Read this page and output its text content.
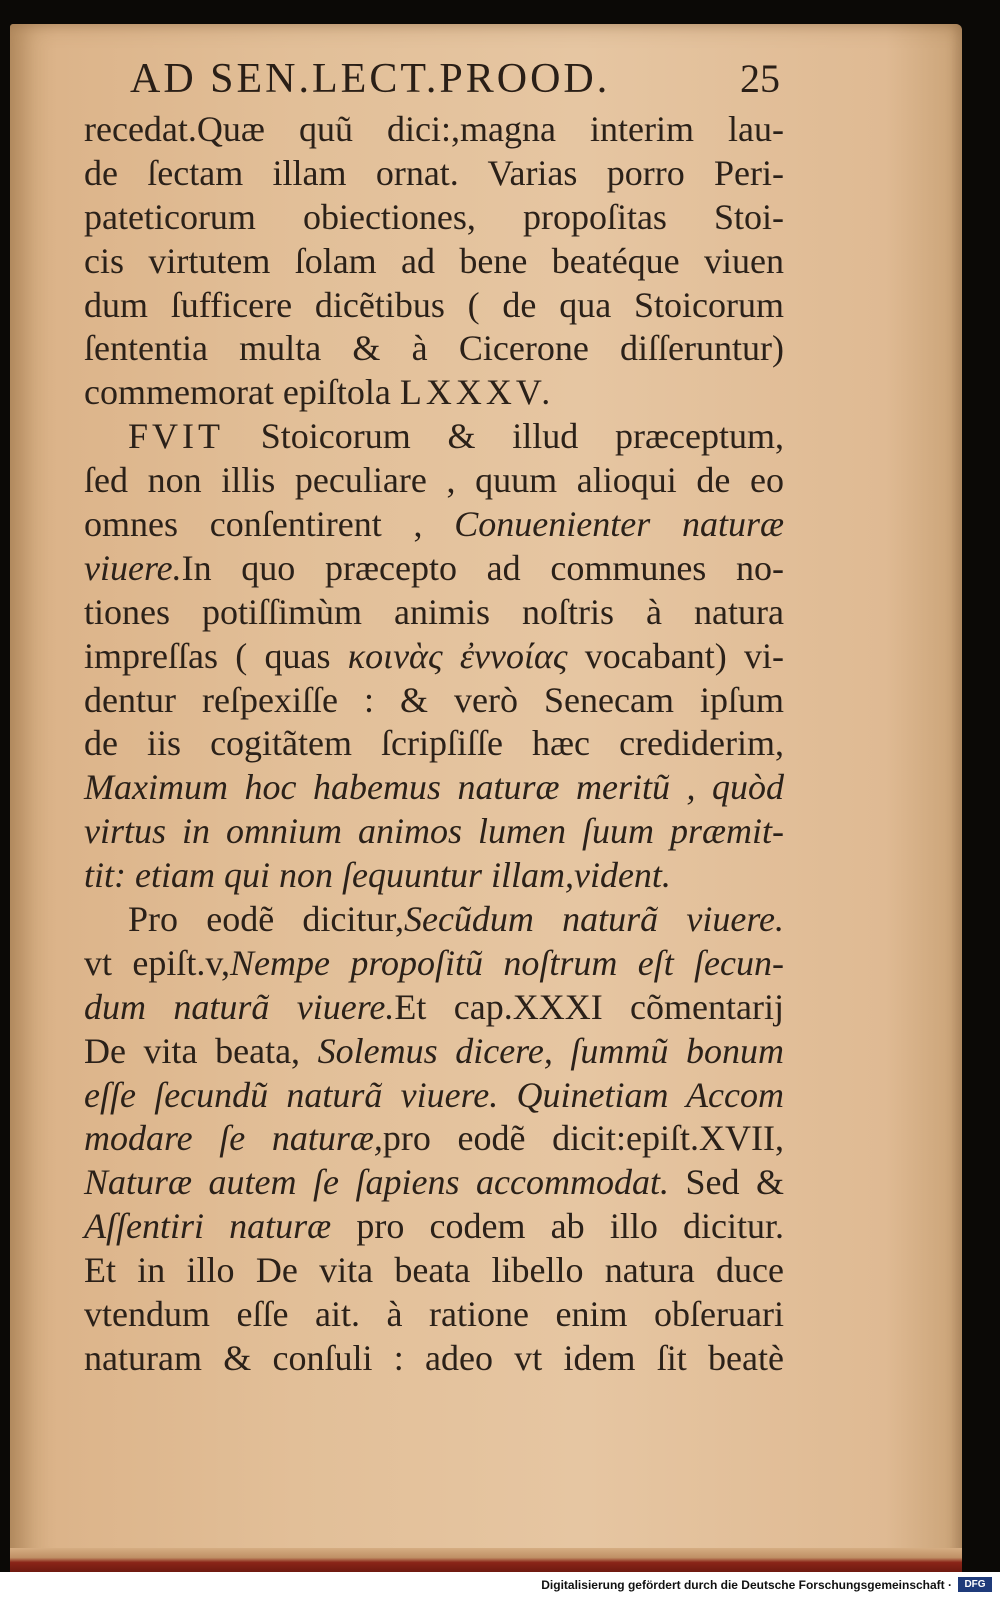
AD SEN.LECT.PROOD.	25
recedat.Quæ quũ dici:,magna interim lau-
de ſectam illam ornat. Varias porro Peri-
pateticorum obiectiones, propoſitas Stoi-
cis virtutem ſolam ad bene beatéque viuen
dum ſufficere dicẽtibus ( de qua Stoicorum
ſententia multa & à Cicerone diſſeruntur)
commemorat epiſtola LXXXV.
FVIT Stoicorum & illud præceptum,
ſed non illis peculiare , quum alioqui de eo
omnes conſentirent , Conuenienter naturæ
viuere.In quo præcepto ad communes no-
tiones potiſſimùm animis noſtris à natura
impreſſas ( quas κοινὰς ἐννοίας vocabant) vi-
dentur reſpexiſſe : & verò Senecam ipſum
de iis cogitãtem ſcripſiſſe hæc crediderim,
Maximum hoc habemus naturæ meritũ , quòd
virtus in omnium animos lumen ſuum præmit-
tit: etiam qui non ſequuntur illam,vident.
Pro eodẽ dicitur,Secũdum naturã viuere.
vt epiſt.v,Nempe propoſitũ noſtrum eſt ſecun-
dum naturã viuere.Et cap.XXXI cõmentarij
De vita beata, Solemus dicere, ſummũ bonum
eſſe ſecundũ naturã viuere. Quinetiam Accom
modare ſe naturæ,pro eodẽ dicit:epiſt.XVII,
Naturæ autem ſe ſapiens accommodat. Sed &
Aſſentiri naturæ pro codem ab illo dicitur.
Et in illo De vita beata libello natura duce
vtendum eſſe ait. à ratione enim obſeruari
naturam & conſuli : adeo vt idem ſit beatè
Digitalisierung gefördert durch die Deutsche Forschungsgemeinschaft ·	DFG
